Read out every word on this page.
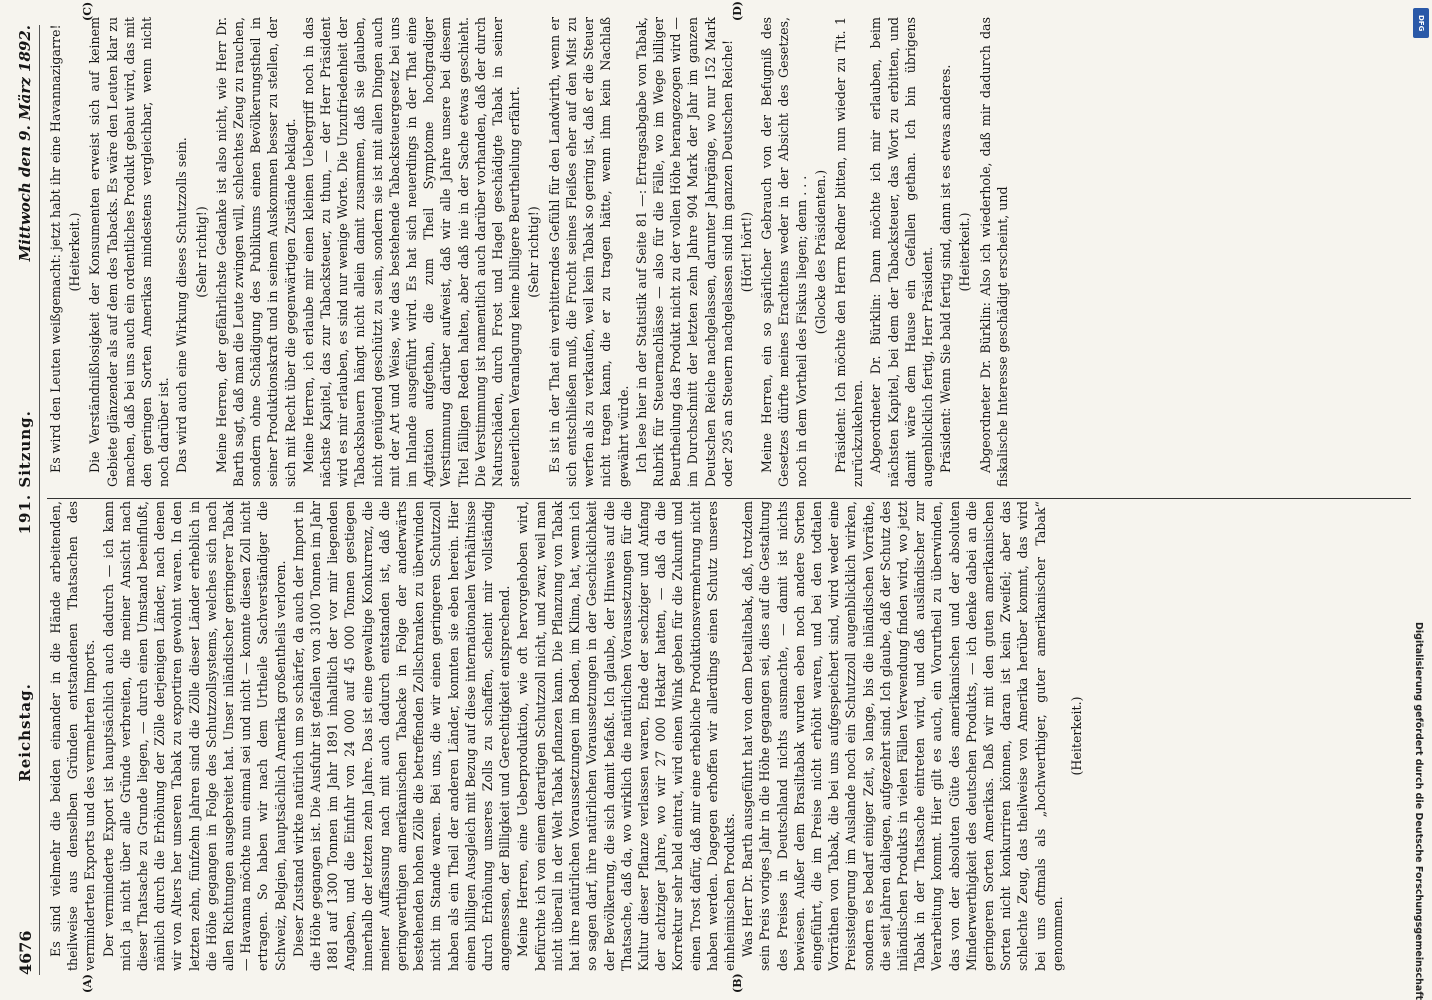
4676
Reichstag.
191. Sitzung.
Mittwoch den 9. März 1892.
(A)	(B)

Es sind vielmehr die beiden einander in die Hände arbeitenden, theilweise aus denselben Gründen entstandenen Thatsachen des verminderten Exports und des vermehrten Imports. Der verminderte Export ist hauptsächlich auch dadurch — ich kann mich ja nicht über alle Gründe verbreiten, die meiner Ansicht nach dieser Thatsache zu Grunde liegen, — durch einen Umstand beeinflußt, nämlich durch die Erhöhung der Zölle derjenigen Länder, nach denen wir von Alters her unseren Tabak zu exportiren gewohnt waren. In den letzten zehn, fünfzehn Jahren sind die Zölle dieser Länder erheblich in die Höhe gegangen in Folge des Schutzzollsystems, welches sich nach allen Richtungen ausgebreitet hat. Unser inländischer geringerer Tabak — Havanna möchte nun einmal sei und nicht — konnte diesen Zoll nicht ertragen. So haben wir nach dem Urtheile Sachverständiger die Schweiz, Belgien, hauptsächlich Amerika großentheils verloren. Dieser Zustand wirkte natürlich um so schärfer, da auch der Import in die Höhe gegangen ist. Die Ausfuhr ist gefallen von 3100 Tonnen im Jahr 1881 auf 1300 Tonnen im Jahr 1891 inhaltlich der vor mir liegenden Angaben, und die Einfuhr von 24 000 auf 45 000 Tonnen gestiegen innerhalb der letzten zehn Jahre. Das ist eine gewaltige Konkurrenz, die meiner Auffassung nach mit auch dadurch entstanden ist, daß die geringwerthigen amerikanischen Tabacke in Folge der anderwärts bestehenden hohen Zölle die betreffenden Zollschranken zu überwinden nicht im Stande waren. Bei uns, die wir einen geringeren Schutzzoll haben als ein Theil der anderen Länder, konnten sie eben herein. Hier einen billigen Ausgleich mit Bezug auf diese internationalen Verhältnisse durch Erhöhung unseres Zolls zu schaffen, scheint mir vollständig angemessen, der Billigkeit und Gerechtigkeit entsprechend. Meine Herren, eine Ueberproduktion, wie oft hervorgehoben wird, befürchte ich von einem derartigen Schutzzoll nicht, und zwar, weil man nicht überall in der Welt Tabak pflanzen kann. Die Pflanzung von Tabak hat ihre natürlichen Voraussetzungen im Boden, im Klima, hat, wenn ich so sagen darf, ihre natürlichen Voraussetzungen in der Geschicklichkeit der Bevölkerung, die sich damit befaßt. Ich glaube, der Hinweis auf die Thatsache, daß da, wo wirklich die natürlichen Voraussetzungen für die Kultur dieser Pflanze verlassen waren, Ende der sechziger und Anfang der achtziger Jahre, wo wir 27 000 Hektar hatten, — daß da die Korrektur sehr bald eintrat, wird einen Wink geben für die Zukunft und einen Trost dafür, daß mir eine erhebliche Produktionsvermehrung nicht haben werden. Dagegen erhoffen wir allerdings einen Schutz unseres einheimischen Produkts. Was Herr Dr. Barth ausgeführt hat von dem Detailtabak, daß, trotzdem sein Preis voriges Jahr in die Höhe gegangen sei, dies auf die Gestaltung des Preises in Deutschland nichts ausmachte, — damit ist nichts bewiesen. Außer dem Brasiltabak wurden eben noch andere Sorten eingeführt, die im Preise nicht erhöht waren, und bei den todtalen Vorräthen von Tabak, die bei uns aufgespeichert sind, wird weder eine Preissteigerung im Auslande noch ein Schutzzoll augenblicklich wirken, sondern es bedarf einiger Zeit, so lange, bis die inländischen Vorräthe, die seit Jahren daliegen, aufgezehrt sind. Ich glaube, daß der Schutz des inländischen Produkts in vielen Fällen Verwendung finden wird, wo jetzt Tabak in der Thatsache eintreten wird, und daß ausländischer zur Verarbeitung kommt. Hier gilt es auch, ein Vorurtheil zu überwinden, das von der absoluten Güte des amerikanischen und der absoluten Minderwerthigkeit des deutschen Produkts, — ich denke dabei an die geringeren Sorten Amerikas. Daß wir mit den guten amerikanischen Sorten nicht konkurriren können, daran ist kein Zweifel; aber das schlechte Zeug, das theilweise von Amerika herüber kommt, das wird bei uns oftmals als „hochwerthiger, guter amerikanischer Tabak“ genommen.

(Heiterkeit.)

Es wird den Leuten weißgemacht: jetzt habt ihr eine Havannazigarre! (Heiterkeit.) Die Verständnißlosigkeit der Konsumenten erweist sich auf keinem Gebiete glänzender als auf dem des Tabacks. Es wäre den Leuten klar zu machen, daß bei uns auch ein ordentliches Produkt gebaut wird, das mit den geringen Sorten Amerikas mindestens vergleichbar, wenn nicht noch darüber ist. Das wird auch eine Wirkung dieses Schutzzolls sein. (Sehr richtig!) Meine Herren, der gefährlichste Gedanke ist also nicht, wie Herr Dr. Barth sagt, daß man die Leute zwingen will, schlechtes Zeug zu rauchen, sondern ohne Schädigung des Publikums einen Bevölkerungstheil in seiner Produktionskraft und in seinem Auskommen besser zu stellen, der sich mit Recht über die gegenwärtigen Zustände beklagt. Meine Herren, ich erlaube mir einen kleinen Uebergriff noch in das nächste Kapitel, das zur Tabacksteuer, zu thun, — der Herr Präsident wird es mir erlauben, es sind nur wenige Worte. Die Unzufriedenheit der Tabacksbauern hängt nicht allein damit zusammen, daß sie glauben, nicht genügend geschützt zu sein, sondern sie ist mit allen Dingen auch mit der Art und Weise, wie das bestehende Tabacksteuergesetz bei uns im Inlande ausgeführt wird. Es hat sich neuerdings in der That eine Agitation aufgethan, die zum Theil Symptome hochgradiger Verstimmung darüber aufweist, daß wir alle Jahre unsere bei diesem Titel fälligen Reden halten, aber daß nie in der Sache etwas geschieht. Die Verstimmung ist namentlich auch darüber vorhanden, daß der durch Naturschäden, durch Frost und Hagel geschädigte Tabak in seiner steuerlichen Veranlagung keine billigere Beurtheilung erfährt. (Sehr richtig!) Es ist in der That ein verbitterndes Gefühl für den Landwirth, wenn er sich entschließen muß, die Frucht seines Fleißes eher auf den Mist zu werfen als zu verkaufen, weil kein Tabak so gering ist, daß er die Steuer nicht tragen kann, die er zu tragen hätte, wenn ihm kein Nachlaß gewährt würde. Ich lese hier in der Statistik auf Seite 81 —: Ertragsabgabe von Tabak, Rubrik für Steuernachlässe — also für die Fälle, wo im Wege billiger Beurtheilung das Produkt nicht zu der vollen Höhe herangezogen wird — im Durchschnitt der letzten zehn Jahre 904 Mark der Jahr im ganzen Deutschen Reiche nachgelassen, darunter Jahrgänge, wo nur 152 Mark oder 295 an Steuern nachgelassen sind im ganzen Deutschen Reiche! (Hört! hört!) Meine Herren, ein so spärlicher Gebrauch von der Befugniß des Gesetzes dürfte meines Erachtens weder in der Absicht des Gesetzes, noch in dem Vortheil des Fiskus liegen; denn . . . (Glocke des Präsidenten.) Präsident: Ich möchte den Herrn Redner bitten, nun wieder zu Tit. 1 zurückzukehren. Abgeordneter Dr. Bürklin: Dann möchte ich mir erlauben, beim nächsten Kapitel, bei dem der Tabacksteuer, das Wort zu erbitten, und damit wäre dem Hause ein Gefallen gethan. Ich bin übrigens augenblicklich fertig, Herr Präsident. Präsident: Wenn Sie bald fertig sind, dann ist es etwas anderes. (Heiterkeit.) Abgeordneter Dr. Bürklin: Also ich wiederhole, daß mir dadurch das fiskalische Interesse geschädigt erscheint, und

(C)	(D)
Digitalisierung gefördert durch die Deutsche Forschungsgemeinschaft
DFG
